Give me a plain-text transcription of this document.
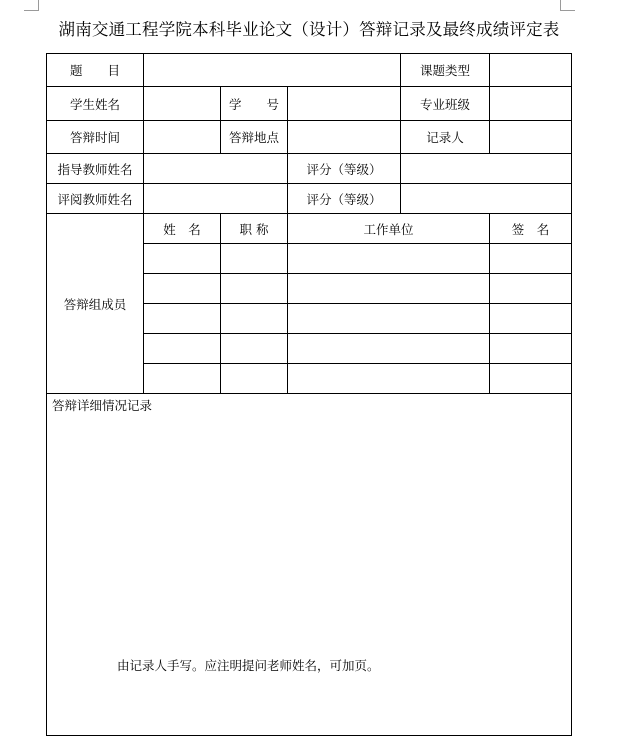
湖南交通工程学院本科毕业论文（设计）答辩记录及最终成绩评定表
题　　目				课题类型	
学生姓名		学　　号		专业班级	
答辩时间		答辩地点		记录人	
指导教师姓名			评分（等级）		
评阅教师姓名			评分（等级）		
答辩组成员	姓　名	职 称	工作单位		签　名

答辩详细情况记录
由记录人手写。应注明提问老师姓名，可加页。					
